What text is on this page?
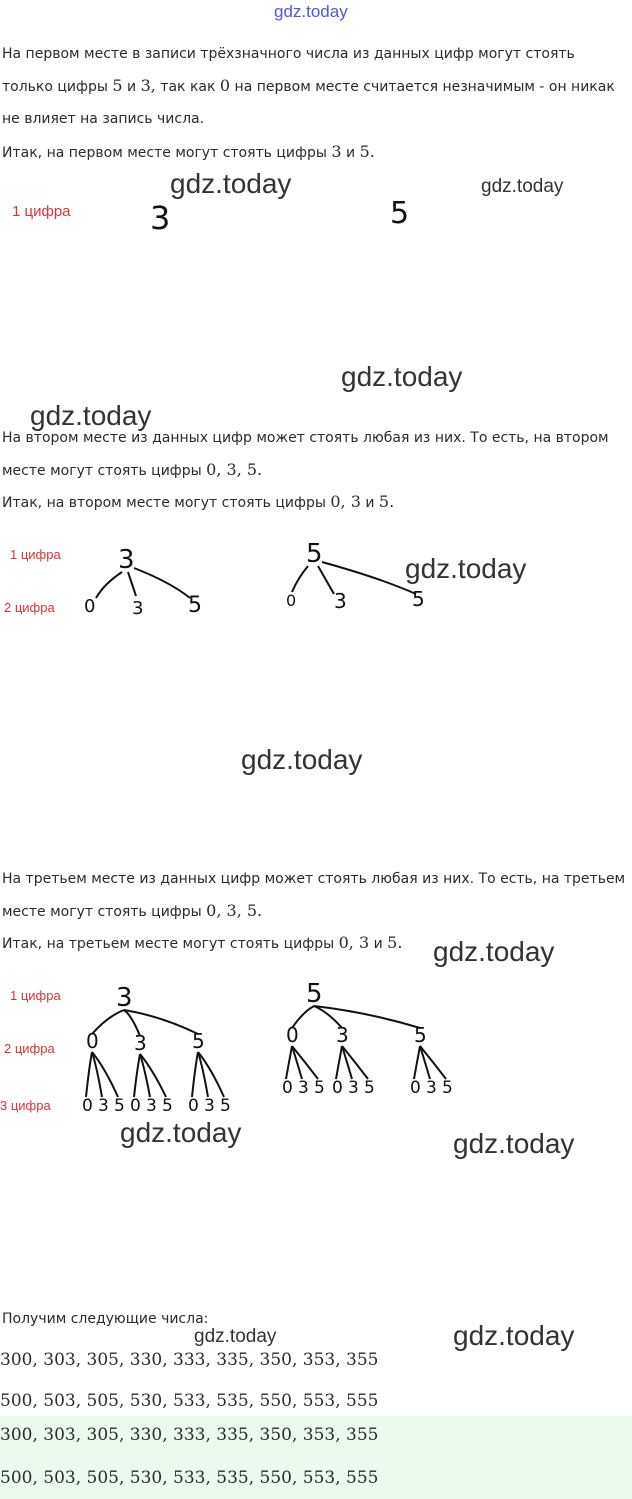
gdz.today

На первом месте в записи трёхзначного числа из данных цифр могут стоять только цифры 5 и 3, так как 0 на первом месте считается незначимым - он никак не влияет на запись числа.

Итак, на первом месте могут стоять цифры 3 и 5.

1 цифра 3	5
gdz.today	gdz.today
gdz.today
gdz.today

На втором месте из данных цифр может стоять любая из них. То есть, на втором месте могут стоять цифры 0, 3, 5.

Итак, на втором месте могут стоять цифры 0, 3 и 5.

1 цифра
2 цифра
3
0 3 5
5
0 3	5
gdz.today
gdz.today

На третьем месте из данных цифр может стоять любая из них. То есть, на третьем месте могут стоять цифры 0, 3, 5.

Итак, на третьем месте могут стоять цифры 0, 3 и 5.	gdz.today
1 цифра
2 цифра
3 цифра
3
0
0 3 5
3
0 3 5
5
0 3 5
5
0
0 3 5
3
0 3 5
5
0 3 5
gdz.today	gdz.today
Получим следующие числа:
gdz.today	gdz.today
300, 303, 305, 330, 333, 335, 350, 353, 355
500, 503, 505, 530, 533, 535, 550, 553, 555
300, 303, 305, 330, 333, 335, 350, 353, 355
500, 503, 505, 530, 533, 535, 550, 553, 555
